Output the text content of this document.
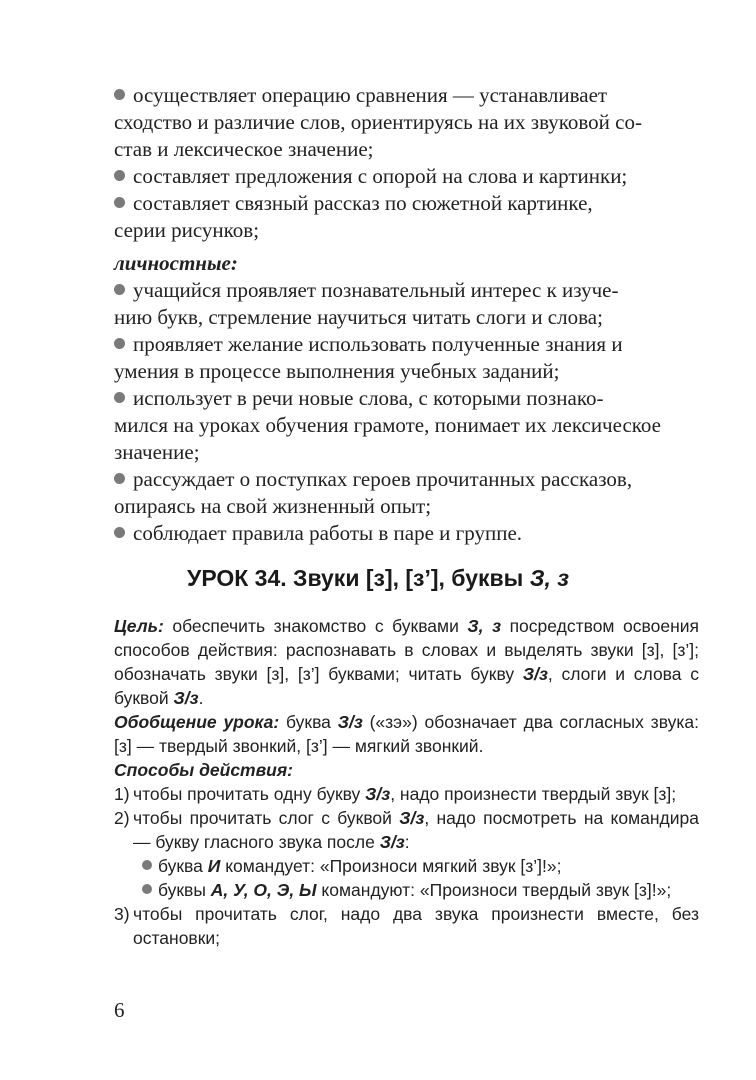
осуществляет операцию сравнения — устанавливает
сходство и различие слов, ориентируясь на их звуковой со-
став и лексическое значение;

составляет предложения с опорой на слова и картинки;

составляет связный рассказ по сюжетной картинке,
серии рисунков;

личностные:

учащийся проявляет познавательный интерес к изуче-
нию букв, стремление научиться читать слоги и слова;

проявляет желание использовать полученные знания и
умения в процессе выполнения учебных заданий;

использует в речи новые слова, с которыми познако-
мился на уроках обучения грамоте, понимает их лексическое
значение;

рассуждает о поступках героев прочитанных рассказов,
опираясь на свой жизненный опыт;

соблюдает правила работы в паре и группе.

УРОК 34. Звуки [з], [з’], буквы З, з

Цель: обеспечить знакомство с буквами З, з посредством освоения способов действия: распознавать в словах и выделять звуки [з], [з’]; обозначать звуки [з], [з’] буквами; читать букву З/з, слоги и слова с буквой З/з.

Обобщение урока: буква З/з («зэ») обозначает два согласных звука: [з] — твердый звонкий, [з’] — мягкий звонкий.

Способы действия:

1) чтобы прочитать одну букву З/з, надо произнести твердый звук [з];
2) чтобы прочитать слог с буквой З/з, надо посмотреть на командира — букву гласного звука после З/з:
буква И командует: «Произноси мягкий звук [з’]!»;
буквы А, У, О, Э, Ы командуют: «Произноси твердый звук [з]!»;
3) чтобы прочитать слог, надо два звука произнести вместе, без остановки;
6
